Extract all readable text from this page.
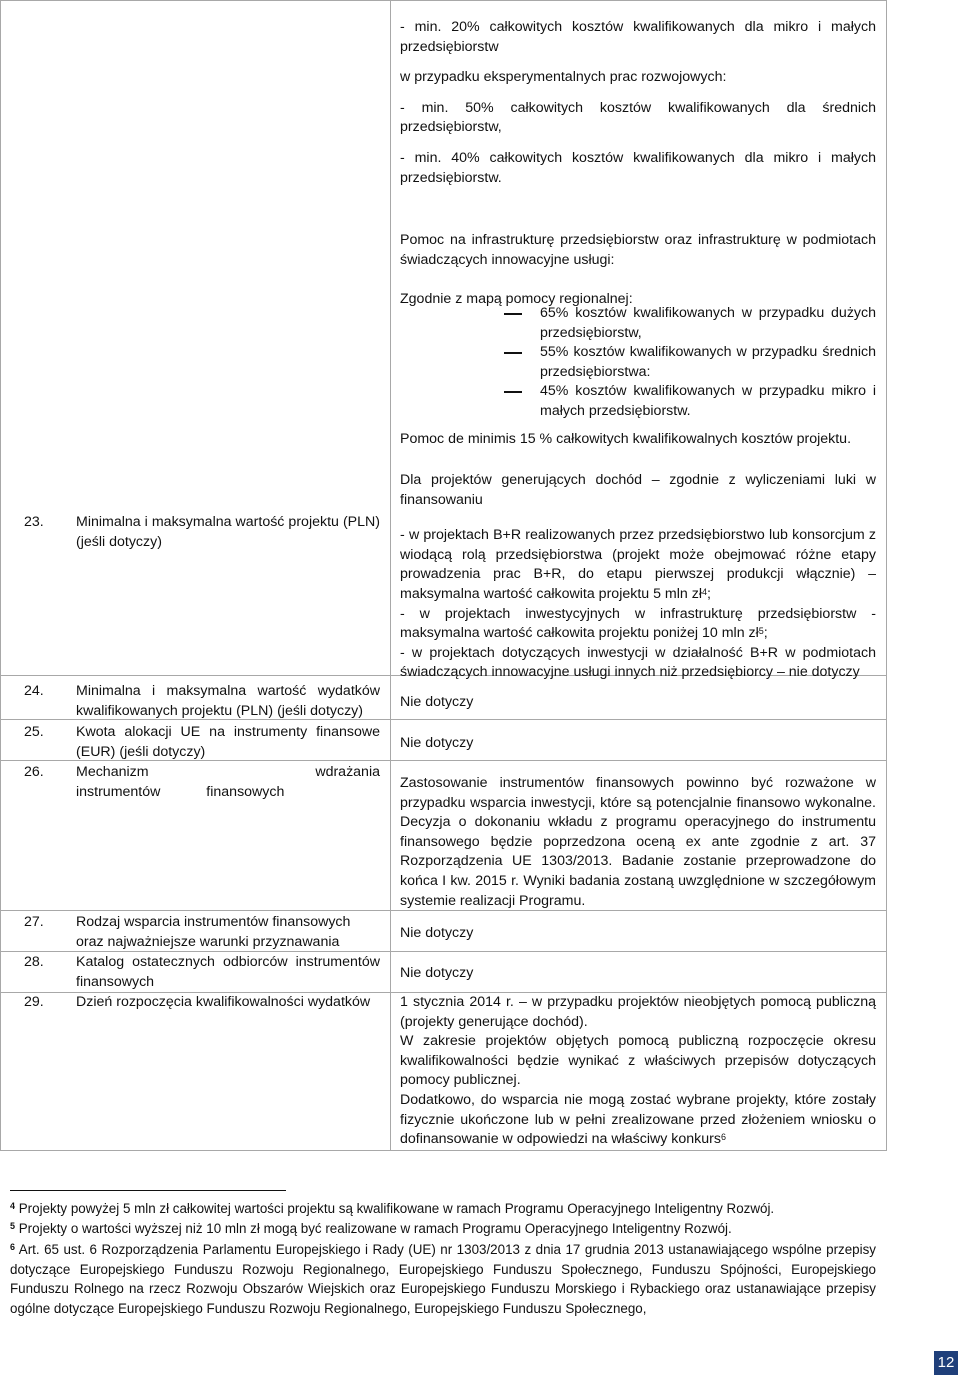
- min. 20% całkowitych kosztów kwalifikowanych dla mikro i małych przedsiębiorstw

w przypadku eksperymentalnych prac rozwojowych:

- min. 50% całkowitych kosztów kwalifikowanych dla średnich przedsiębiorstw,

- min. 40% całkowitych kosztów kwalifikowanych dla mikro i małych przedsiębiorstw.

Pomoc na infrastrukturę przedsiębiorstw oraz infrastrukturę w podmiotach świadczących innowacyjne usługi:

Zgodnie z mapą pomocy regionalnej:

65% kosztów kwalifikowanych w przypadku dużych przedsiębiorstw,

55% kosztów kwalifikowanych w przypadku średnich przedsiębiorstwa:

45% kosztów kwalifikowanych w przypadku mikro i małych przedsiębiorstw.

Pomoc de minimis 15 % całkowitych kwalifikowalnych kosztów projektu.

23. Minimalna i maksymalna wartość projektu (PLN) (jeśli dotyczy)

Dla projektów generujących dochód – zgodnie z wyliczeniami luki w finansowaniu

- w projektach B+R realizowanych przez przedsiębiorstwo lub konsorcjum z wiodącą rolą przedsiębiorstwa (projekt może obejmować różne etapy prowadzenia prac B+R, do etapu pierwszej produkcji włącznie) – maksymalna wartość całkowita projektu 5 mln $zł^4$;

- w projektach inwestycyjnych w infrastrukturę przedsiębiorstw - maksymalna wartość całkowita projektu poniżej 10 mln $zł^5$;

- w projektach dotyczących inwestycji w działalność B+R w podmiotach świadczących innowacyjne usługi innych niż przedsiębiorcy – nie dotyczy

24. Minimalna i maksymalna wartość wydatków kwalifikowanych projektu (PLN) (jeśli dotyczy)

Nie dotyczy

25. Kwota alokacji UE na instrumenty finansowe (EUR) (jeśli dotyczy)

Nie dotyczy

26. Mechanizm wdrażania instrumentów finansowych

Zastosowanie instrumentów finansowych powinno być rozważone w przypadku wsparcia inwestycji, które są potencjalnie finansowo wykonalne. Decyzja o dokonaniu wkładu z programu operacyjnego do instrumentu finansowego będzie poprzedzona oceną ex ante zgodnie z art. 37 Rozporządzenia UE 1303/2013. Badanie zostanie przeprowadzone do końca I kw. 2015 r. Wyniki badania zostaną uwzględnione w szczegółowym systemie realizacji Programu.

27. Rodzaj wsparcia instrumentów finansowych oraz najważniejsze warunki przyznawania

Nie dotyczy

28. Katalog ostatecznych odbiorców instrumentów finansowych

Nie dotyczy

29. Dzień rozpoczęcia kwalifikowalności wydatków	1 stycznia 2014 r. – w przypadku projektów nieobjętych pomocą publiczną (projekty generujące dochód).

W zakresie projektów objętych pomocą publiczną rozpoczęcie okresu kwalifikowalności będzie wynikać z właściwych przepisów dotyczących pomocy publicznej.

Dodatkowo, do wsparcia nie mogą zostać wybrane projekty, które zostały fizycznie ukończone lub w pełni zrealizowane przed złożeniem wniosku o dofinansowanie w odpowiedzi na właściwy konkurs$^6$

$^4$ Projekty powyżej 5 mln zł całkowitej wartości projektu są kwalifikowane w ramach Programu Operacyjnego Inteligentny Rozwój.
$^5$ Projekty o wartości wyższej niż 10 mln zł mogą być realizowane w ramach Programu Operacyjnego Inteligentny Rozwój.
$^6$ Art. 65 ust. 6 Rozporządzenia Parlamentu Europejskiego i Rady (UE) nr 1303/2013 z dnia 17 grudnia 2013 ustanawiającego wspólne przepisy dotyczące Europejskiego Funduszu Rozwoju Regionalnego, Europejskiego Funduszu Społecznego, Funduszu Spójności, Europejskiego Funduszu Rolnego na rzecz Rozwoju Obszarów Wiejskich oraz Europejskiego Funduszu Morskiego i Rybackiego oraz ustanawiające przepisy ogólne dotyczące Europejskiego Funduszu Rozwoju Regionalnego, Europejskiego Funduszu Społecznego,
12
